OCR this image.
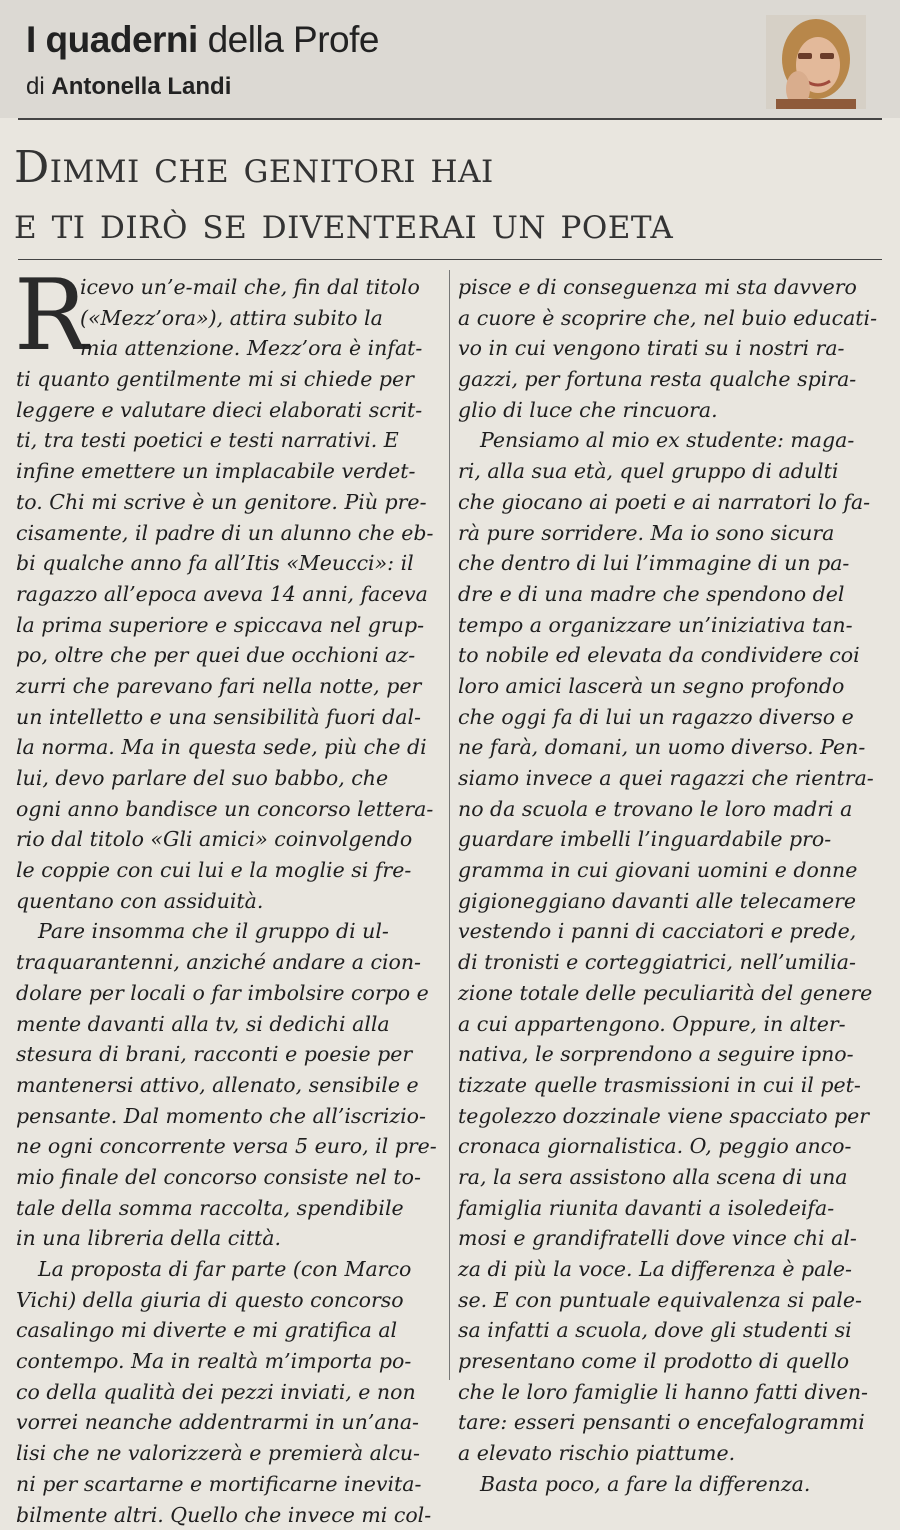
I quaderni della Profe
di Antonella Landi
Dimmi che genitori hai
e ti dirò se diventerai un poeta
R
icevo un’e-mail che, fin dal titolo
(«Mezz’ora»), attira subito la
mia attenzione. Mezz’ora è infat-
ti quanto gentilmente mi si chiede per
leggere e valutare dieci elaborati scrit-
ti, tra testi poetici e testi narrativi. E
infine emettere un implacabile verdet-
to. Chi mi scrive è un genitore. Più pre-
cisamente, il padre di un alunno che eb-
bi qualche anno fa all’Itis «Meucci»: il
ragazzo all’epoca aveva 14 anni, faceva
la prima superiore e spiccava nel grup-
po, oltre che per quei due occhioni az-
zurri che parevano fari nella notte, per
un intelletto e una sensibilità fuori dal-
la norma. Ma in questa sede, più che di
lui, devo parlare del suo babbo, che
ogni anno bandisce un concorso lettera-
rio dal titolo «Gli amici» coinvolgendo
le coppie con cui lui e la moglie si fre-
quentano con assiduità.
Pare insomma che il gruppo di ul-
traquarantenni, anziché andare a cion-
dolare per locali o far imbolsire corpo e
mente davanti alla tv, si dedichi alla
stesura di brani, racconti e poesie per
mantenersi attivo, allenato, sensibile e
pensante. Dal momento che all’iscrizio-
ne ogni concorrente versa 5 euro, il pre-
mio finale del concorso consiste nel to-
tale della somma raccolta, spendibile
in una libreria della città.
La proposta di far parte (con Marco
Vichi) della giuria di questo concorso
casalingo mi diverte e mi gratifica al
contempo. Ma in realtà m’importa po-
co della qualità dei pezzi inviati, e non
vorrei neanche addentrarmi in un’ana-
lisi che ne valorizzerà e premierà alcu-
ni per scartarne e mortificarne inevita-
bilmente altri. Quello che invece mi col-
pisce e di conseguenza mi sta davvero
a cuore è scoprire che, nel buio educati-
vo in cui vengono tirati su i nostri ra-
gazzi, per fortuna resta qualche spira-
glio di luce che rincuora.
Pensiamo al mio ex studente: maga-
ri, alla sua età, quel gruppo di adulti
che giocano ai poeti e ai narratori lo fa-
rà pure sorridere. Ma io sono sicura
che dentro di lui l’immagine di un pa-
dre e di una madre che spendono del
tempo a organizzare un’iniziativa tan-
to nobile ed elevata da condividere coi
loro amici lascerà un segno profondo
che oggi fa di lui un ragazzo diverso e
ne farà, domani, un uomo diverso. Pen-
siamo invece a quei ragazzi che rientra-
no da scuola e trovano le loro madri a
guardare imbelli l’inguardabile pro-
gramma in cui giovani uomini e donne
gigioneggiano davanti alle telecamere
vestendo i panni di cacciatori e prede,
di tronisti e corteggiatrici, nell’umilia-
zione totale delle peculiarità del genere
a cui appartengono. Oppure, in alter-
nativa, le sorprendono a seguire ipno-
tizzate quelle trasmissioni in cui il pet-
tegolezzo dozzinale viene spacciato per
cronaca giornalistica. O, peggio anco-
ra, la sera assistono alla scena di una
famiglia riunita davanti a isoledeifa-
mosi e grandifratelli dove vince chi al-
za di più la voce. La differenza è pale-
se. E con puntuale equivalenza si pale-
sa infatti a scuola, dove gli studenti si
presentano come il prodotto di quello
che le loro famiglie li hanno fatti diven-
tare: esseri pensanti o encefalogrammi
a elevato rischio piattume.
Basta poco, a fare la differenza.
